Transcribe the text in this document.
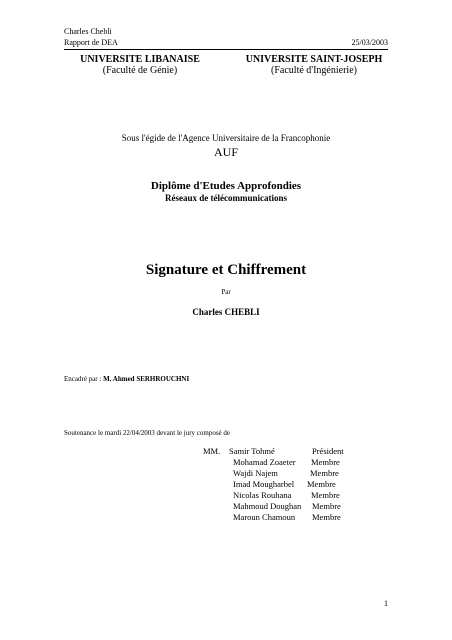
Charles Chebli
Rapport de DEA	25/03/2003
UNIVERSITE LIBANAISE
(Faculté de Génie)
UNIVERSITE SAINT-JOSEPH
(Faculté d'Ingénierie)
Sous l'égide de l'Agence Universitaire de la Francophonie
AUF
Diplôme d'Etudes Approfondies
Réseaux de télécommunications
Signature et Chiffrement
Par
Charles CHEBLI
Encadré par : M. Ahmed SERHROUCHNI
Soutenance le mardi 22/04/2003 devant le jury composé de
MM. Samir Tohmé	Président
Mohamad Zoaeter Membre
Wajdi Najem	Membre
Imad Mougharbel Membre
Nicolas Rouhana Membre
Mahmoud Doughan Membre
Maroun Chamoun Membre
1
